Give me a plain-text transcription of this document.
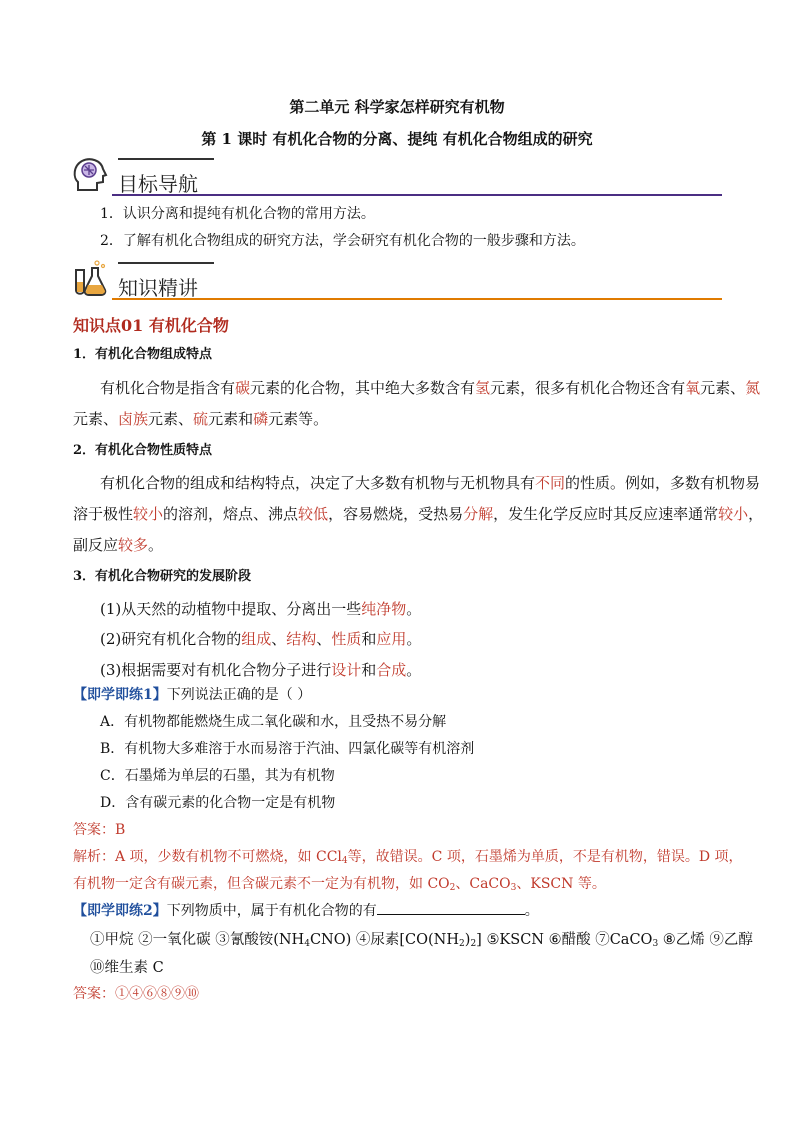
第二单元 科学家怎样研究有机物
第 1 课时 有机化合物的分离、提纯 有机化合物组成的研究
目标导航
1．认识分离和提纯有机化合物的常用方法。
2．了解有机化合物组成的研究方法，学会研究有机化合物的一般步骤和方法。
知识精讲
知识点01 有机化合物
1．有机化合物组成特点
有机化合物是指含有碳元素的化合物，其中绝大多数含有氢元素，很多有机化合物还含有氧元素、氮
元素、卤族元素、硫元素和磷元素等。
2．有机化合物性质特点
有机化合物的组成和结构特点，决定了大多数有机物与无机物具有不同的性质。例如，多数有机物易
溶于极性较小的溶剂，熔点、沸点较低，容易燃烧，受热易分解，发生化学反应时其反应速率通常较小，
副反应较多。
3．有机化合物研究的发展阶段
(1)从天然的动植物中提取、分离出一些纯净物。
(2)研究有机化合物的组成、结构、性质和应用。
(3)根据需要对有机化合物分子进行设计和合成。
【即学即练1】下列说法正确的是（ ）
A．有机物都能燃烧生成二氧化碳和水，且受热不易分解
B．有机物大多难溶于水而易溶于汽油、四氯化碳等有机溶剂
C．石墨烯为单层的石墨，其为有机物
D．含有碳元素的化合物一定是有机物
答案：B
解析：A 项，少数有机物不可燃烧，如 CCl$_4$等，故错误。C 项，石墨烯为单质，不是有机物，错误。D 项，
有机物一定含有碳元素，但含碳元素不一定为有机物，如 $CO_2$、CaCO$_3$、KSCN 等。
【即学即练2】下列物质中，属于有机化合物的有	。
①甲烷 ②一氧化碳 ③氰酸铵$(NH_4CNO)$ ④尿素$[CO(NH_2)_2]$ ⑤KSCN ⑥醋酸 ⑦CaCO$_3$ ⑧乙烯 ⑨乙醇
⑩维生素 C
答案：①④⑥⑧⑨⑩
